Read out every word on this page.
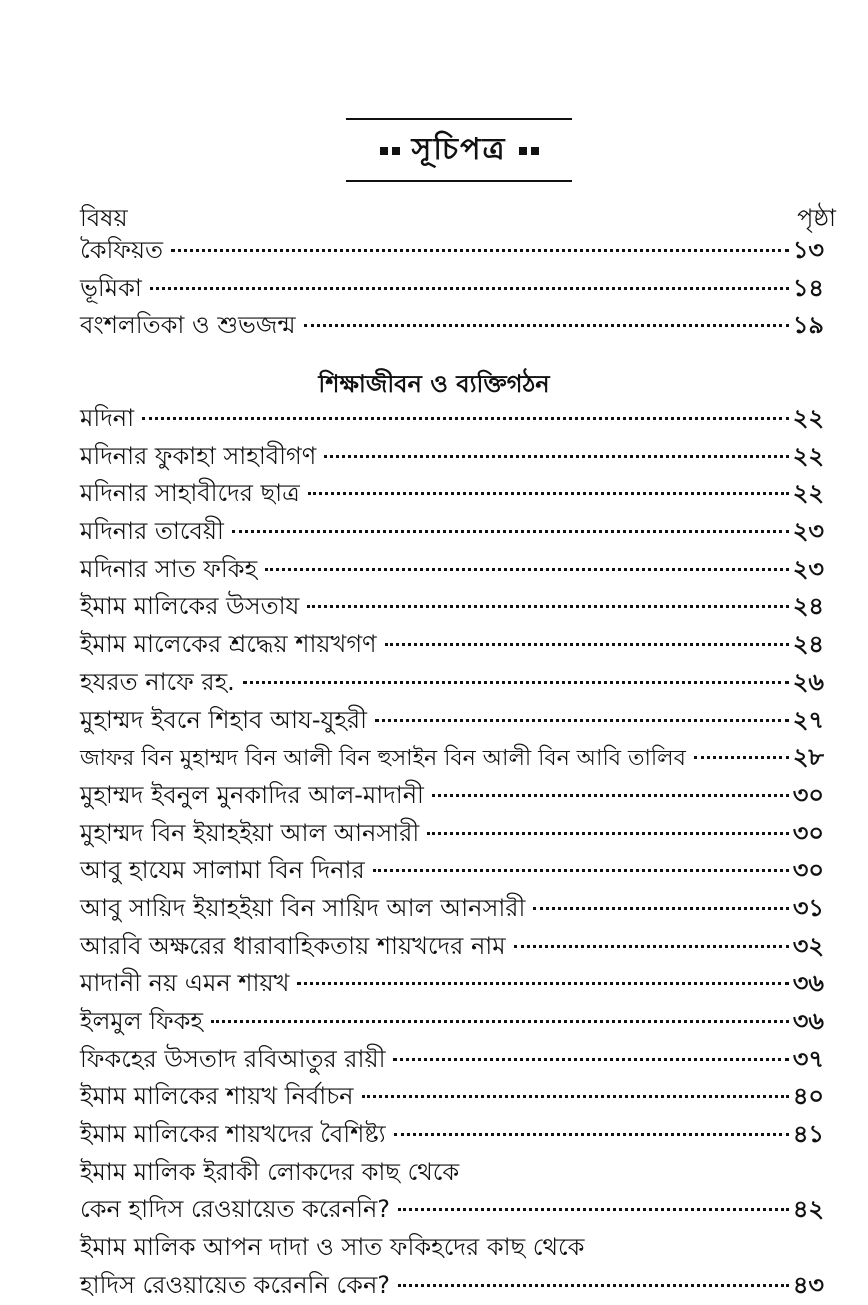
সূচিপত্র
বিষয়	পৃষ্ঠা
কৈফিয়ত	১৩
ভূমিকা	১৪
বংশলতিকা ও শুভজন্ম	১৯
শিক্ষাজীবন ও ব্যক্তিগঠন
মদিনা	২২
মদিনার ফুকাহা সাহাবীগণ	২২
মদিনার সাহাবীদের ছাত্র	২২
মদিনার তাবেয়ী	২৩
মদিনার সাত ফকিহ	২৩
ইমাম মালিকের উসতায	২৪
ইমাম মালেকের শ্রদ্ধেয় শায়খগণ	২৪
হযরত নাফে রহ.	২৬
মুহাম্মদ ইবনে শিহাব আয-যুহরী	২৭
জাফর বিন মুহাম্মদ বিন আলী বিন হুসাইন বিন আলী বিন আবি তালিব	২৮
মুহাম্মদ ইবনুল মুনকাদির আল-মাদানী	৩০
মুহাম্মদ বিন ইয়াহইয়া আল আনসারী	৩০
আবু হাযেম সালামা বিন দিনার	৩০
আবু সায়িদ ইয়াহইয়া বিন সায়িদ আল আনসারী	৩১
আরবি অক্ষরের ধারাবাহিকতায় শায়খদের নাম	৩২
মাদানী নয় এমন শায়খ	৩৬
ইলমুল ফিকহ	৩৬
ফিকহের উসতাদ রবিআতুর রায়ী	৩৭
ইমাম মালিকের শায়খ নির্বাচন	৪০
ইমাম মালিকের শায়খদের বৈশিষ্ট্য	৪১
ইমাম মালিক ইরাকী লোকদের কাছ থেকে
কেন হাদিস রেওয়ায়েত করেননি?	৪২
ইমাম মালিক আপন দাদা ও সাত ফকিহদের কাছ থেকে
হাদিস রেওয়ায়েত করেননি কেন?	৪৩
